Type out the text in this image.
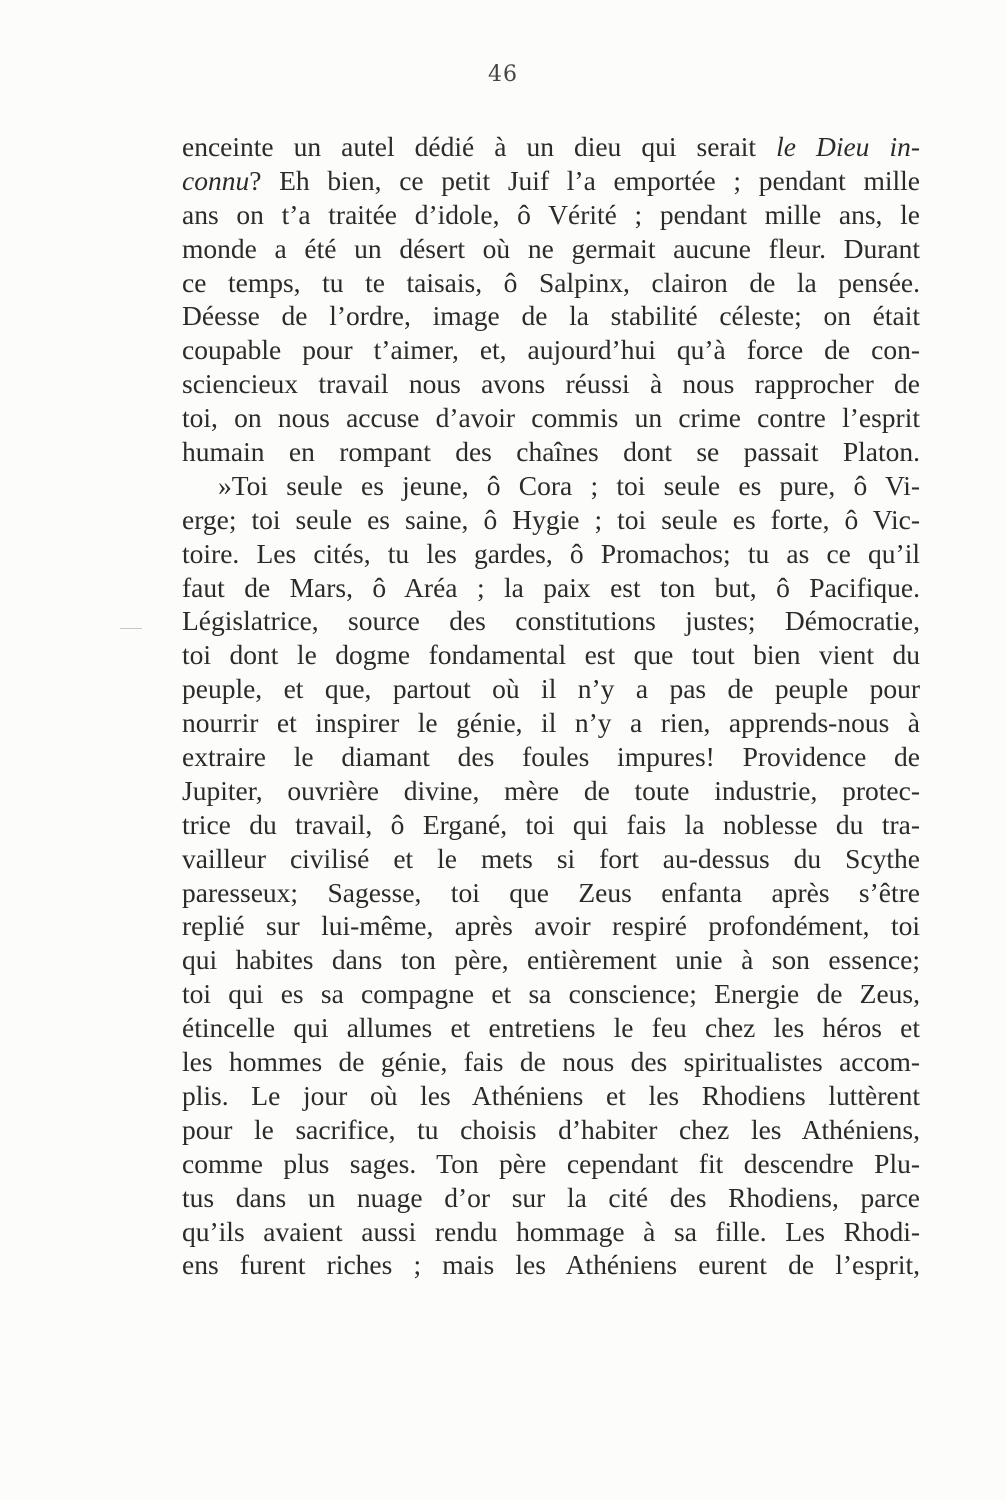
46
enceinte un autel dédié à un dieu qui serait le Dieu in-
connu? Eh bien, ce petit Juif l’a emportée ; pendant mille
ans on t’a traitée d’idole, ô Vérité ; pendant mille ans, le
monde a été un désert où ne germait aucune fleur. Durant
ce temps, tu te taisais, ô Salpinx, clairon de la pensée.
Déesse de l’ordre, image de la stabilité céleste; on était
coupable pour t’aimer, et, aujourd’hui qu’à force de con-
sciencieux travail nous avons réussi à nous rapprocher de
toi, on nous accuse d’avoir commis un crime contre l’esprit
humain en rompant des chaînes dont se passait Platon.
»Toi seule es jeune, ô Cora ; toi seule es pure, ô Vi-
erge; toi seule es saine, ô Hygie ; toi seule es forte, ô Vic-
toire. Les cités, tu les gardes, ô Promachos; tu as ce qu’il
faut de Mars, ô Aréa ; la paix est ton but, ô Pacifique.
Législatrice, source des constitutions justes; Démocratie,
toi dont le dogme fondamental est que tout bien vient du
peuple, et que, partout où il n’y a pas de peuple pour
nourrir et inspirer le génie, il n’y a rien, apprends-nous à
extraire le diamant des foules impures! Providence de
Jupiter, ouvrière divine, mère de toute industrie, protec-
trice du travail, ô Ergané, toi qui fais la noblesse du tra-
vailleur civilisé et le mets si fort au-dessus du Scythe
paresseux; Sagesse, toi que Zeus enfanta après s’être
replié sur lui-même, après avoir respiré profondément, toi
qui habites dans ton père, entièrement unie à son essence;
toi qui es sa compagne et sa conscience; Energie de Zeus,
étincelle qui allumes et entretiens le feu chez les héros et
les hommes de génie, fais de nous des spiritualistes accom-
plis. Le jour où les Athéniens et les Rhodiens luttèrent
pour le sacrifice, tu choisis d’habiter chez les Athéniens,
comme plus sages. Ton père cependant fit descendre Plu-
tus dans un nuage d’or sur la cité des Rhodiens, parce
qu’ils avaient aussi rendu hommage à sa fille. Les Rhodi-
ens furent riches ; mais les Athéniens eurent de l’esprit,
